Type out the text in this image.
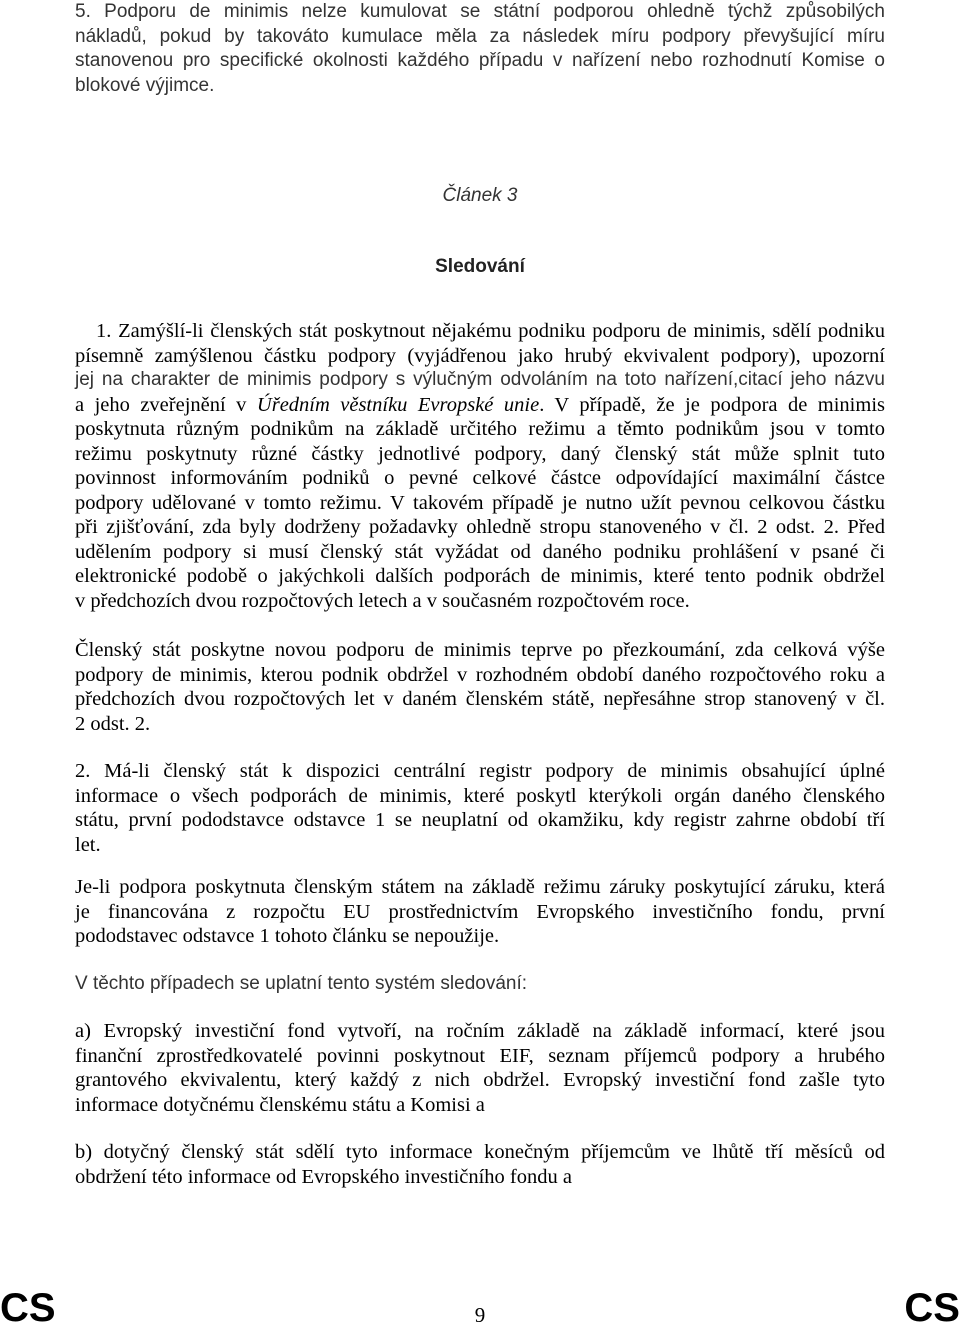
5. Podporu de minimis nelze kumulovat se státní podporou ohledně týchž způsobilých
nákladů, pokud by takováto kumulace měla za následek míru podpory převyšující míru
stanovenou pro specifické okolnosti každého případu v nařízení nebo rozhodnutí Komise o
blokové výjimce.
Článek 3
Sledování
1. Zamýšlí-li členských stát poskytnout nějakému podniku podporu de minimis, sdělí podniku
písemně zamýšlenou částku podpory (vyjádřenou jako hrubý ekvivalent podpory), upozorní
jej na charakter de minimis podpory s výlučným odvoláním na toto nařízení,citací jeho názvu
a jeho zveřejnění v Úředním věstníku Evropské unie. V případě, že je podpora de minimis
poskytnuta různým podnikům na základě určitého režimu a těmto podnikům jsou v tomto
režimu poskytnuty různé částky jednotlivé podpory, daný členský stát může splnit tuto
povinnost informováním podniků o pevné celkové částce odpovídající maximální částce
podpory udělované v tomto režimu. V takovém případě je nutno užít pevnou celkovou částku
při zjišťování, zda byly dodrženy požadavky ohledně stropu stanoveného v čl. 2 odst. 2. Před
udělením podpory si musí členský stát vyžádat od daného podniku prohlášení v psané či
elektronické podobě o jakýchkoli dalších podporách de minimis, které tento podnik obdržel
v předchozích dvou rozpočtových letech a v současném rozpočtovém roce.
Členský stát poskytne novou podporu de minimis teprve po přezkoumání, zda celková výše
podpory de minimis, kterou podnik obdržel v rozhodném období daného rozpočtového roku a
předchozích dvou rozpočtových let v daném členském státě, nepřesáhne strop stanovený v čl.
2 odst. 2.
2. Má-li členský stát k dispozici centrální registr podpory de minimis obsahující úplné
informace o všech podporách de minimis, které poskytl kterýkoli orgán daného členského
státu, první pododstavce odstavce 1 se neuplatní od okamžiku, kdy registr zahrne období tří
let.
Je-li podpora poskytnuta členským státem na základě režimu záruky poskytující záruku, která
je financována z rozpočtu EU prostřednictvím Evropského investičního fondu, první
pododstavec odstavce 1 tohoto článku se nepoužije.
V těchto případech se uplatní tento systém sledování:
a) Evropský investiční fond vytvoří, na ročním základě na základě informací, které jsou
finanční zprostředkovatelé povinni poskytnout EIF, seznam příjemců podpory a hrubého
grantového ekvivalentu, který každý z nich obdržel. Evropský investiční fond zašle tyto
informace dotyčnému členskému státu a Komisi a
b) dotyčný členský stát sdělí tyto informace konečným příjemcům ve lhůtě tří měsíců od
obdržení této informace od Evropského investičního fondu a
CS	9	CS
